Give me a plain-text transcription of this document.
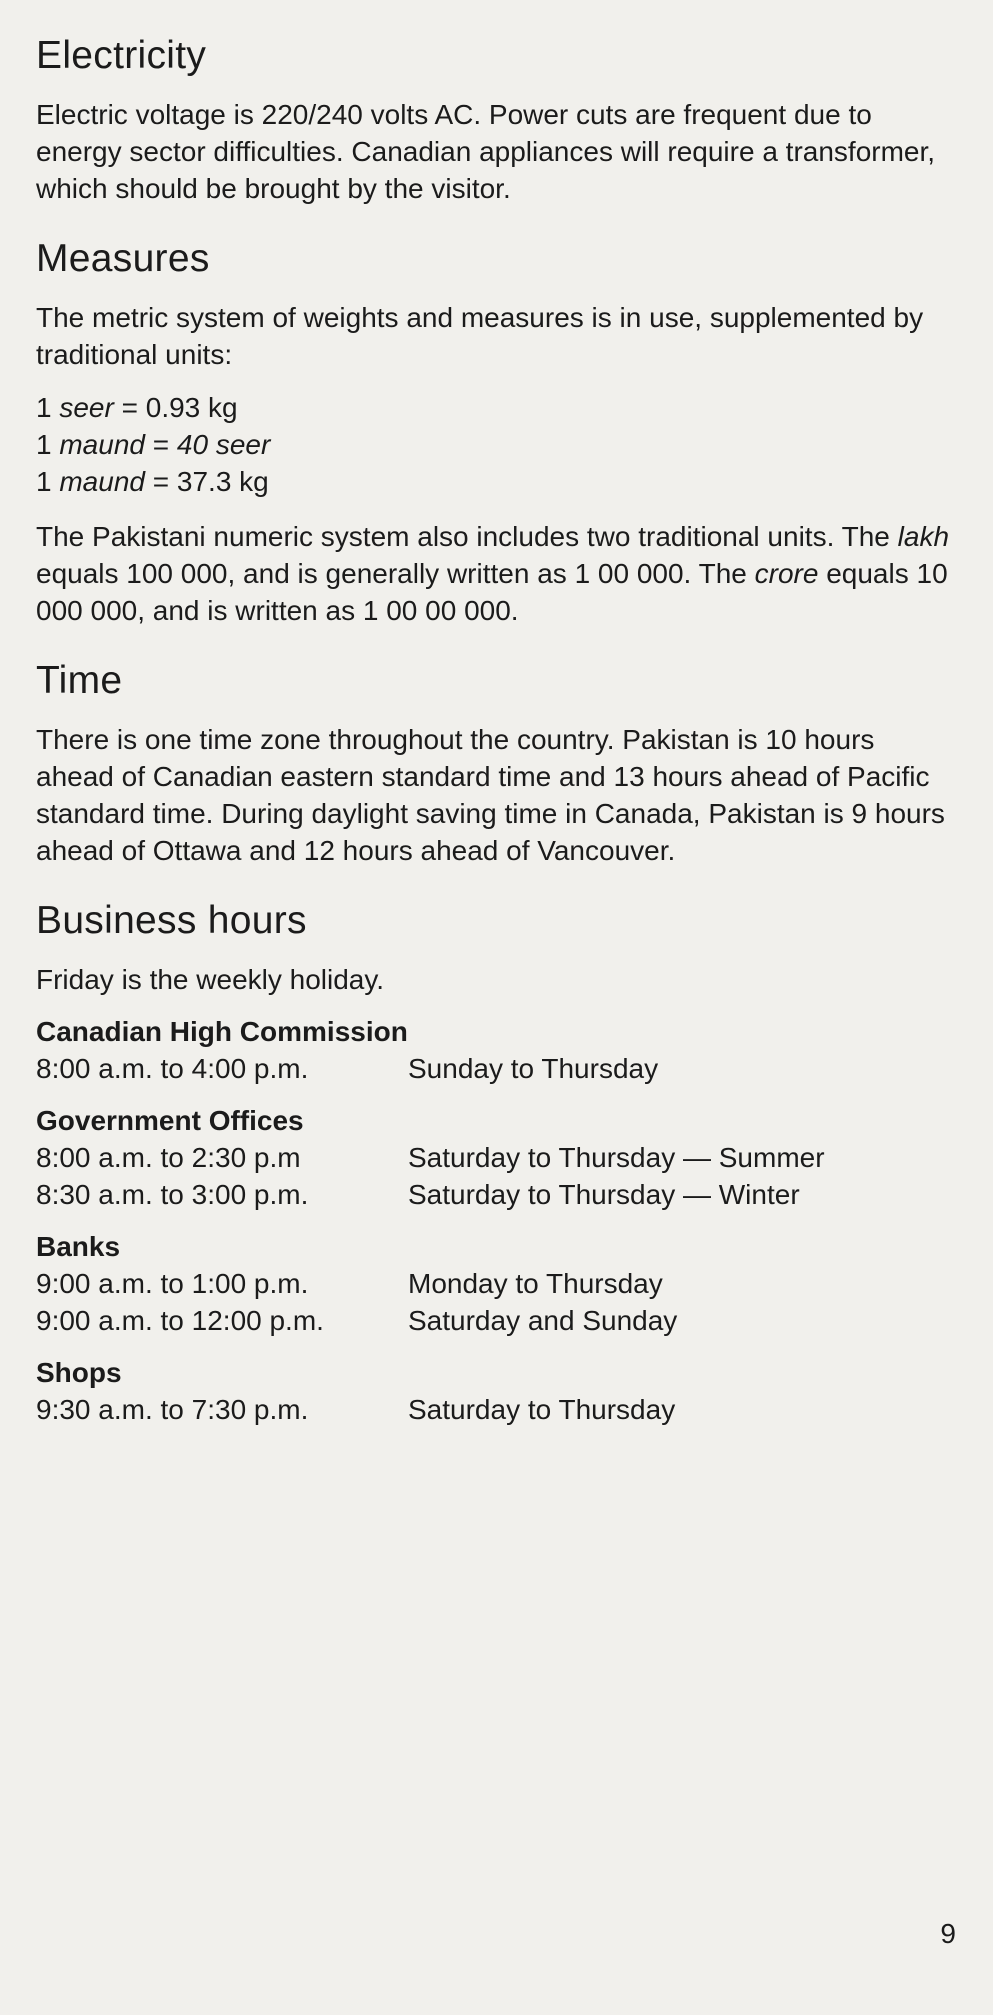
Electricity

Electric voltage is 220/240 volts AC. Power cuts are frequent due to energy sector difficulties. Canadian appliances will require a transformer, which should be brought by the visitor.

Measures

The metric system of weights and measures is in use, supplemented by traditional units:

1 seer = 0.93 kg
1 maund = 40 seer
1 maund = 37.3 kg

The Pakistani numeric system also includes two traditional units. The lakh equals 100 000, and is generally written as 1 00 000. The crore equals 10 000 000, and is written as 1 00 00 000.

Time

There is one time zone throughout the country. Pakistan is 10 hours ahead of Canadian eastern standard time and 13 hours ahead of Pacific standard time. During daylight saving time in Canada, Pakistan is 9 hours ahead of Ottawa and 12 hours ahead of Vancouver.

Business hours

Friday is the weekly holiday.

Canadian High Commission
8:00 a.m. to 4:00 p.m.	Sunday to Thursday
Government Offices
8:00 a.m. to 2:30 p.m	Saturday to Thursday — Summer
8:30 a.m. to 3:00 p.m.	Saturday to Thursday — Winter
Banks
9:00 a.m. to 1:00 p.m.	Monday to Thursday
9:00 a.m. to 12:00 p.m.	Saturday and Sunday
Shops
9:30 a.m. to 7:30 p.m.	Saturday to Thursday
9
